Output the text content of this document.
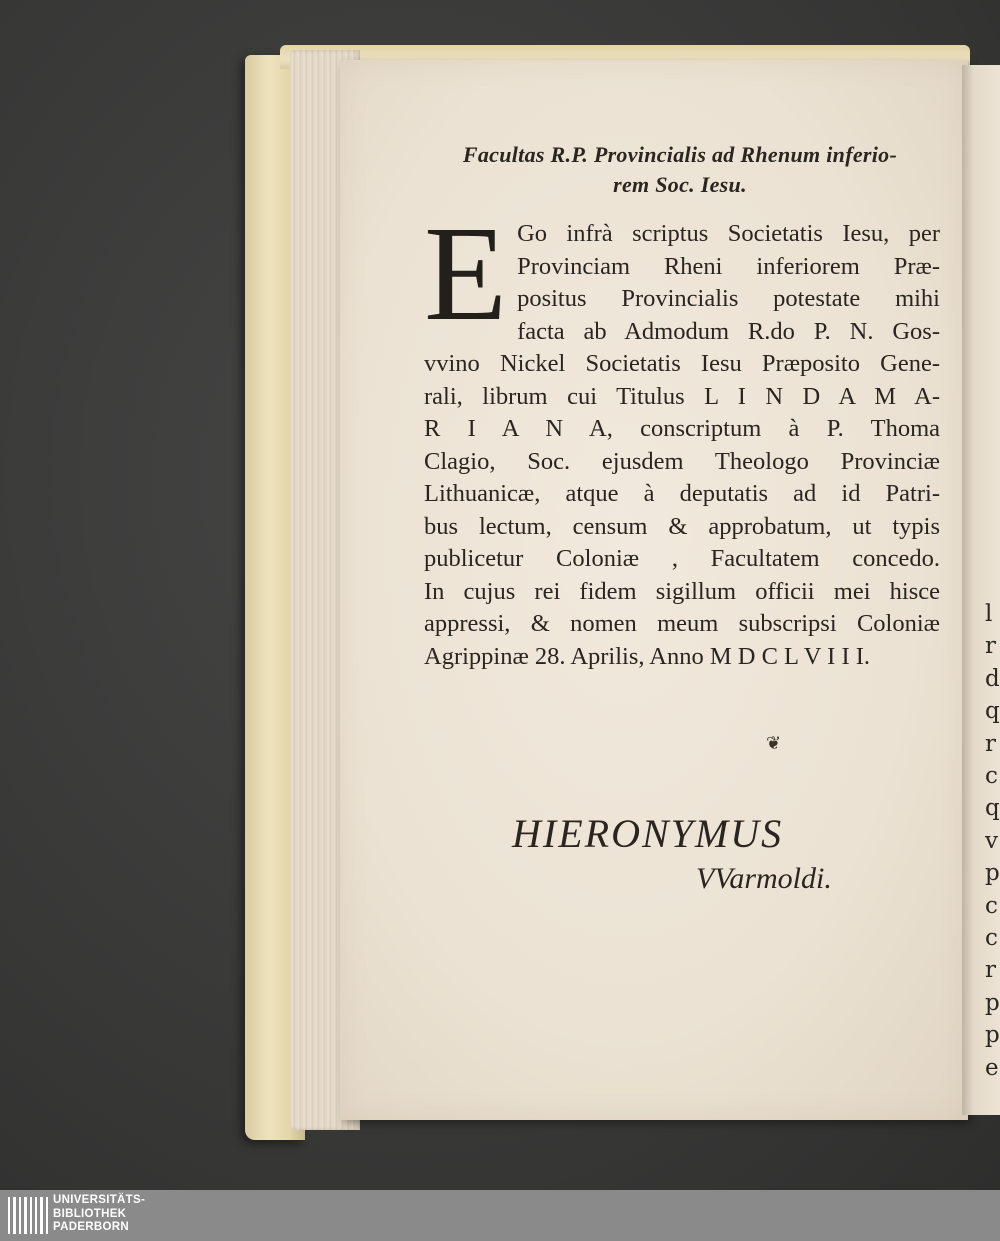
l
r
d
q
r
c
q
v
p
c
c
r
p
p
e
Facultas R.P. Provincialis ad Rhenum inferio-
rem Soc. Iesu.
E Go infrà scriptus Societatis Iesu, per
Provinciam Rheni inferiorem Præ-
positus Provincialis potestate mihi
facta ab Admodum R.do P. N. Gos-
vvino Nickel Societatis Iesu Præposito Gene-
rali, librum cui Titulus L I N D A M A-
R I A N A, conscriptum à P. Thoma
Clagio, Soc. ejusdem Theologo Provinciæ
Lithuanicæ, atque à deputatis ad id Patri-
bus lectum, censum & approbatum, ut typis
publicetur Coloniæ , Facultatem concedo.
In cujus rei fidem sigillum officii mei hisce
appressi, & nomen meum subscripsi Coloniæ
Agrippinæ 28. Aprilis, Anno M D C L V I I I.
❦
HIERONYMUS
VVarmoldi.
UNIVERSITÄTS-
BIBLIOTHEK
PADERBORN
